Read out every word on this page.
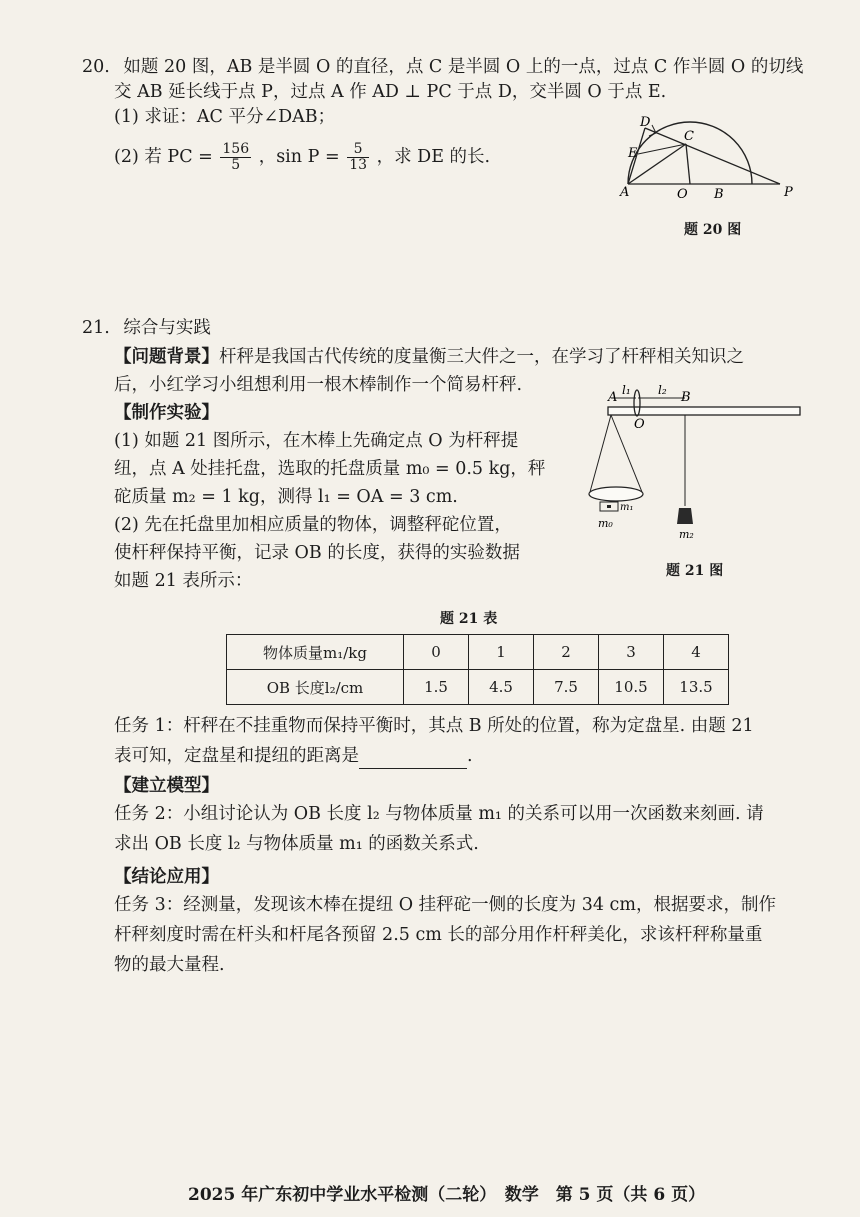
20. 如题 20 图，AB 是半圆 O 的直径，点 C 是半圆 O 上的一点，过点 C 作半圆 O 的切线
交 AB 延长线于点 P，过点 A 作 AD ⊥ PC 于点 D，交半圆 O 于点 E.
(1) 求证：AC 平分∠DAB；
(2) 若 PC = $\frac{156}{5}$ ，$\sin P = \frac{5}{13}$ ，求 DE 的长.
D
C
E
A	O B	P
题 20 图
21. 综合与实践
【问题背景】杆秤是我国古代传统的度量衡三大件之一，在学习了杆秤相关知识之
后，小红学习小组想利用一根木棒制作一个简易杆秤.
【制作实验】
(1) 如题 21 图所示，在木棒上先确定点 O 为杆秤提
纽，点 A 处挂托盘，选取的托盘质量 m₀ = 0.5 kg，秤
砣质量 m₂ = 1 kg，测得 l₁ = OA = 3 cm.
(2) 先在托盘里加相应质量的物体，调整秤砣位置，
使杆秤保持平衡，记录 OB 的长度，获得的实验数据
如题 21 表所示：
A l₁ l₂ B
O
m₁
m₀
m₂
题 21 图
题 21 表
物体质量m₁/kg	0	1	2	3	4
OB 长度l₂/cm	1.5	4.5	7.5	10.5	13.5
任务 1：杆秤在不挂重物而保持平衡时，其点 B 所处的位置，称为定盘星. 由题 21
表可知，定盘星和提纽的距离是	.
【建立模型】
任务 2：小组讨论认为 OB 长度 l₂ 与物体质量 m₁ 的关系可以用一次函数来刻画. 请
求出 OB 长度 l₂ 与物体质量 m₁ 的函数关系式.
【结论应用】
任务 3：经测量，发现该木棒在提纽 O 挂秤砣一侧的长度为 34 cm，根据要求，制作
杆秤刻度时需在杆头和杆尾各预留 2.5 cm 长的部分用作杆秤美化，求该杆秤称量重
物的最大量程.
2025 年广东初中学业水平检测（二轮）　数学　第 5 页（共 6 页）
